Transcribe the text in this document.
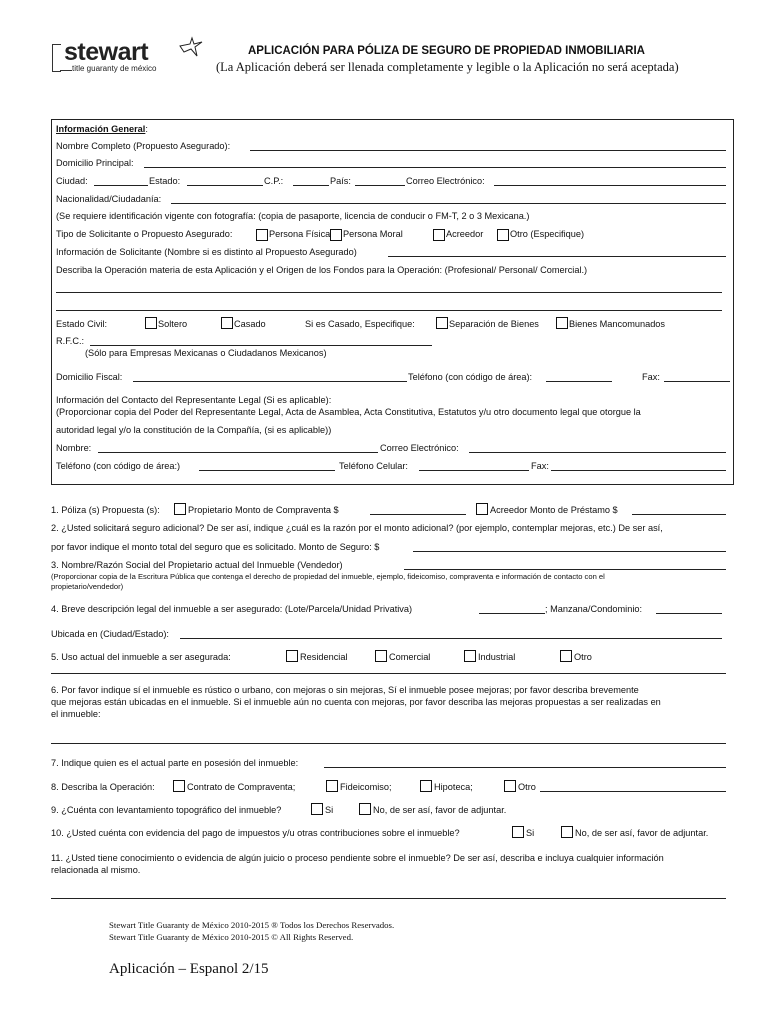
stewart
title guaranty de méxico
APLICACIÓN PARA PÓLIZA DE SEGURO DE PROPIEDAD INMOBILIARIA
(La Aplicación deberá ser llenada completamente y legible o la Aplicación no será aceptada)
Información General:
Nombre Completo (Propuesto Asegurado):
Domicilio Principal:
Ciudad:	Estado:	C.P.:	País:	Correo Electrónico:
Nacionalidad/Ciudadanía:
(Se requiere identificación vigente con fotografía: (copia de pasaporte, licencia de conducir o FM-T, 2 o 3 Mexicana.)
Tipo de Solicitante o Propuesto Asegurado:	Persona Física Persona Moral	Acreedor	Otro (Especifique)
Información de Solicitante (Nombre si es distinto al Propuesto Asegurado)
Describa la Operación materia de esta Aplicación y el Origen de los Fondos para la Operación: (Profesional/ Personal/ Comercial.)
Estado Civil:	Soltero	Casado	Si es Casado, Especifique:	Separación de Bienes	Bienes Mancomunados
R.F.C.:
(Sólo para Empresas Mexicanas o Ciudadanos Mexicanos)
Domicilio Fiscal:	Teléfono (con código de área):	Fax:
Información del Contacto del Representante Legal (Si es aplicable):
(Proporcionar copia del Poder del Representante Legal, Acta de Asamblea, Acta Constitutiva, Estatutos y/u otro documento legal que otorgue la
autoridad legal y/o la constitución de la Compañía, (si es aplicable))
Nombre:	Correo Electrónico:
Teléfono (con código de área:)	Teléfono Celular:	Fax:
1. Póliza (s) Propuesta (s):	Propietario Monto de Compraventa $	Acreedor Monto de Préstamo $
2. ¿Usted solicitará seguro adicional? De ser así, indique ¿cuál es la razón por el monto adicional? (por ejemplo, contemplar mejoras, etc.) De ser así,
por favor indique el monto total del seguro que es solicitado. Monto de Seguro: $
3. Nombre/Razón Social del Propietario actual del Inmueble (Vendedor)
(Proporcionar copia de la Escritura Pública que contenga el derecho de propiedad del inmueble, ejemplo, fideicomiso, compraventa e información de contacto con el
propietario/vendedor)
4. Breve descripción legal del inmueble a ser asegurado: (Lote/Parcela/Unidad Privativa)	; Manzana/Condominio:
Ubicada en (Ciudad/Estado):
5. Uso actual del inmueble a ser asegurada:	Residencial	Comercial	Industrial	Otro
6. Por favor indique sí el inmueble es rústico o urbano, con mejoras o sin mejoras, Sí el inmueble posee mejoras; por favor describa brevemente
que mejoras están ubicadas en el inmueble. Si el inmueble aún no cuenta con mejoras, por favor describa las mejoras propuestas a ser realizadas en
el inmueble:
7. Indique quien es el actual parte en posesión del inmueble:
8. Describa la Operación:	Contrato de Compraventa;	Fideicomiso;	Hipoteca;	Otro
9. ¿Cuénta con levantamiento topográfico del inmueble?	Si	No, de ser así, favor de adjuntar.
10. ¿Usted cuénta con evidencia del pago de impuestos y/u otras contribuciones sobre el inmueble?	Si	No, de ser así, favor de adjuntar.
11. ¿Usted tiene conocimiento o evidencia de algún juicio o proceso pendiente sobre el inmueble? De ser así, describa e incluya cualquier información
relacionada al mismo.
Stewart Title Guaranty de México 2010-2015 ® Todos los Derechos Reservados.
Stewart Title Guaranty de México 2010-2015 © All Rights Reserved.
Aplicación – Espanol 2/15
